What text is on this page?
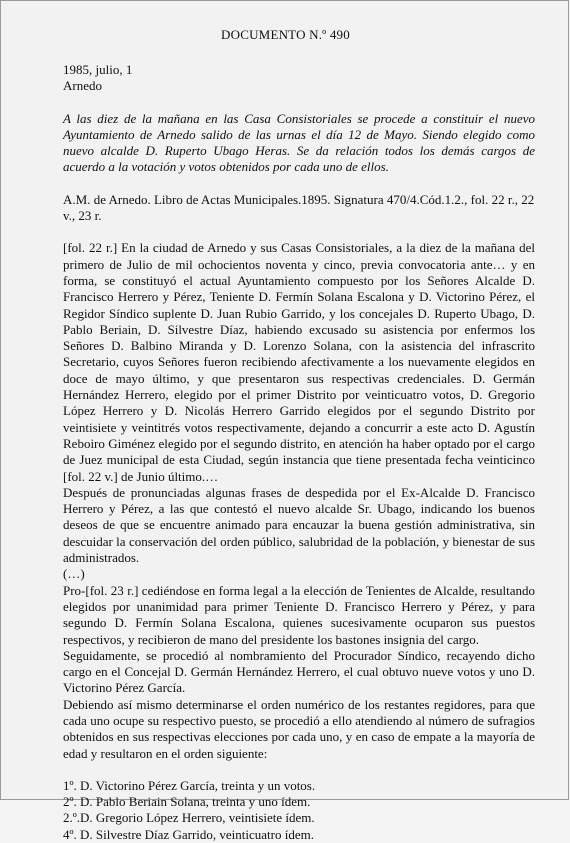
DOCUMENTO N.º 490

1985, julio, 1

Arnedo

A las diez de la mañana en las Casa Consistoriales se procede a constituir el nuevo Ayuntamiento de Arnedo salido de las urnas el día 12 de Mayo. Siendo elegido como nuevo alcalde D. Ruperto Ubago Heras. Se da relación todos los demás cargos de acuerdo a la votación y votos obtenidos por cada uno de ellos.

A.M. de Arnedo. Libro de Actas Municipales.1895. Signatura 470/4.Cód.1.2., fol. 22 r., 22 v., 23 r.

[fol. 22 r.] En la ciudad de Arnedo y sus Casas Consistoriales, a la diez de la mañana del primero de Julio de mil ochocientos noventa y cinco, previa convocatoria ante… y en forma, se constituyó el actual Ayuntamiento compuesto por los Señores Alcalde D. Francisco Herrero y Pérez, Teniente D. Fermín Solana Escalona y D. Victorino Pérez, el Regidor Síndico suplente D. Juan Rubio Garrido, y los concejales D. Ruperto Ubago, D. Pablo Beriain, D. Silvestre Díaz, habiendo excusado su asistencia por enfermos los Señores D. Balbino Miranda y D. Lorenzo Solana, con la asistencia del infrascrito Secretario, cuyos Señores fueron recibiendo afectivamente a los nuevamente elegidos en doce de mayo último, y que presentaron sus respectivas credenciales. D. Germán Hernández Herrero, elegido por el primer Distrito por veinticuatro votos, D. Gregorio López Herrero y D. Nicolás Herrero Garrido elegidos por el segundo Distrito por veintisiete y veintitrés votos respectivamente, dejando a concurrir a este acto D. Agustín Reboiro Giménez elegido por el segundo distrito, en atención ha haber optado por el cargo de Juez municipal de esta Ciudad, según instancia que tiene presentada fecha veinticinco [fol. 22 v.] de Junio último.…

Después de pronunciadas algunas frases de despedida por el Ex-Alcalde D. Francisco Herrero y Pérez, a las que contestó el nuevo alcalde Sr. Ubago, indicando los buenos deseos de que se encuentre animado para encauzar la buena gestión administrativa, sin descuidar la conservación del orden público, salubridad de la población, y bienestar de sus administrados.

(…)

Pro-[fol. 23 r.] cediéndose en forma legal a la elección de Tenientes de Alcalde, resultando elegidos por unanimidad para primer Teniente D. Francisco Herrero y Pérez, y para segundo D. Fermín Solana Escalona, quienes sucesivamente ocuparon sus puestos respectivos, y recibieron de mano del presidente los bastones insignia del cargo.

Seguidamente, se procedió al nombramiento del Procurador Síndico, recayendo dicho cargo en el Concejal D. Germán Hernández Herrero, el cual obtuvo nueve votos y uno D. Victorino Pérez García.

Debiendo así mismo determinarse el orden numérico de los restantes regidores, para que cada uno ocupe su respectivo puesto, se procedió a ello atendiendo al número de sufragios obtenidos en sus respectivas elecciones por cada uno, y en caso de empate a la mayoría de edad y resultaron en el orden siguiente:

1º. D. Victorino Pérez García, treinta y un votos.
2º. D. Pablo Beriain Solana, treinta y uno ídem.
2.º.D. Gregorio López Herrero, veintisiete ídem.
4º. D. Silvestre Díaz Garrido, veinticuatro ídem.
